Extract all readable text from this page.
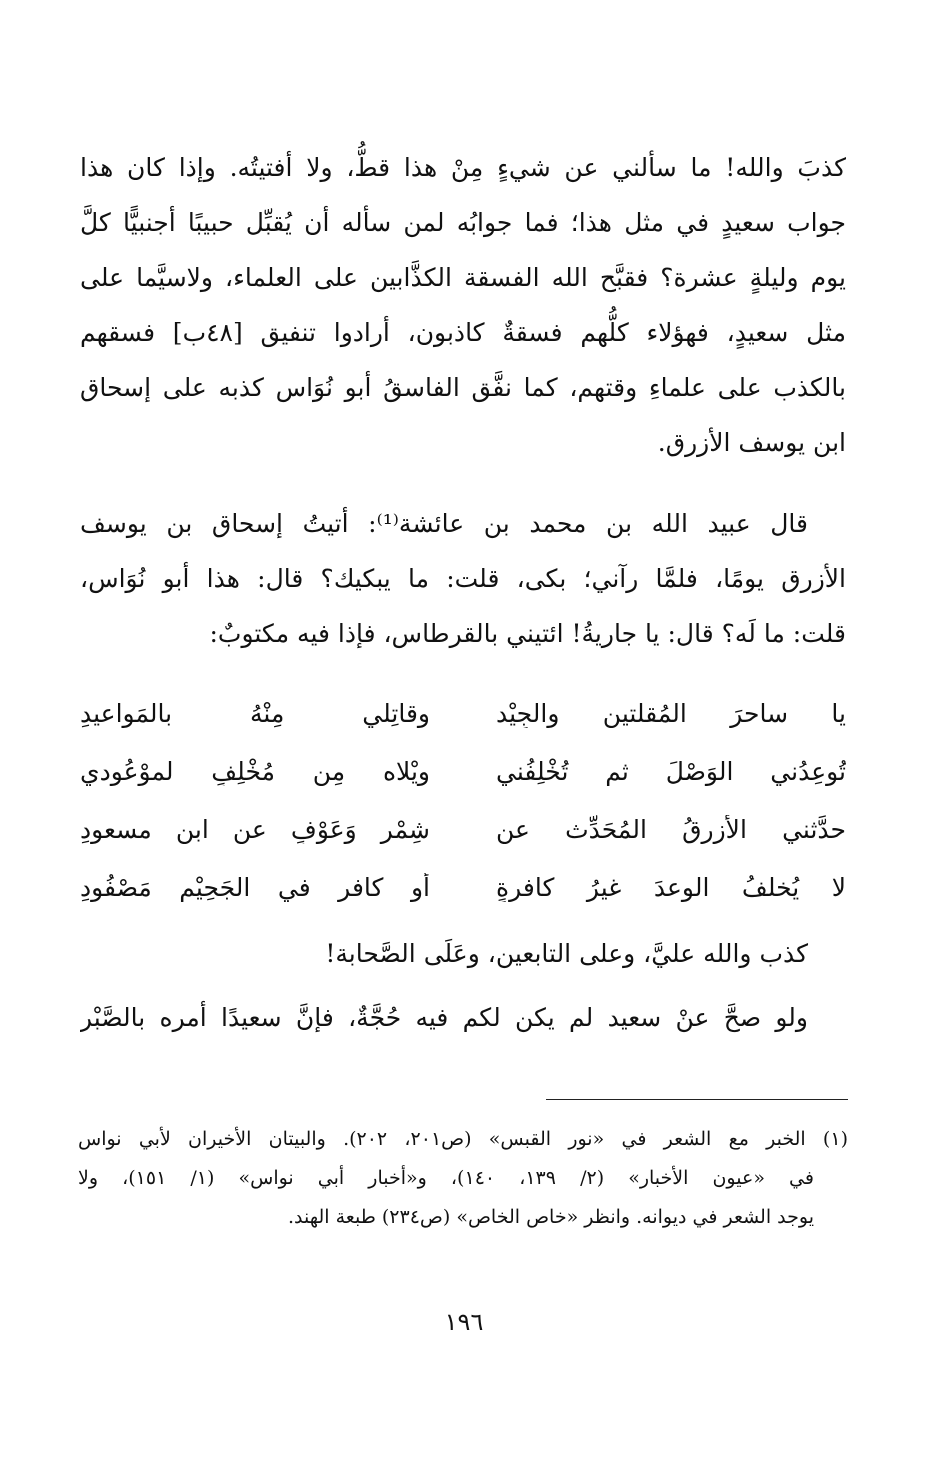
كذبَ والله! ما سألني عن شيءٍ مِنْ هذا قطُّ، ولا أفتيتُه. وإذا كان هذا
جواب سعيدٍ في مثل هذا؛ فما جوابُه لمن سأله أن يُقبِّل حبيبًا أجنبيًّا كلَّ
يوم وليلةٍ عشرة؟ فقبَّح الله الفسقة الكذَّابين على العلماء، ولاسيَّما على
مثل سعيدٍ، فهؤلاء كلُّهم فسقةٌ كاذبون، أرادوا تنفيق [٤٨ب] فسقهم
بالكذب على علماءِ وقتهم، كما نفَّق الفاسقُ أبو نُوَاس كذبه على إسحاق
ابن يوسف الأزرق.
قال عبيد الله بن محمد بن عائشة⁽¹⁾: أتيتُ إسحاق بن يوسف
الأزرق يومًا، فلمَّا رآني؛ بكى، قلت: ما يبكيك؟ قال: هذا أبو نُوَاس،
قلت: ما لَه؟ قال: يا جاريةُ! ائتيني بالقرطاس، فإذا فيه مكتوبٌ:
يا ساحرَ المُقلتين والجِيْد
وقاتِلي مِنْهُ بالمَواعيدِ
تُوعِدُني الوَصْلَ ثم تُخْلِفُني
ويْلاه مِن مُخْلِفٍ لموْعُودي
حدَّثني الأزرقُ المُحَدِّث عن
شِمْرٍ وَعَوْفٍ عن ابن مسعودِ
لا يُخلفُ الوعدَ غيرُ كافرةٍ
أو كافرٍ في الجَحِيْم مَصْفُودِ
كذب والله عليَّ، وعلى التابعين، وعَلَى الصَّحابة!
ولو صحَّ عنْ سعيد لم يكن لكم فيه حُجَّةٌ، فإنَّ سعيدًا أمره بالصَّبْر
(١) الخبر مع الشعر في «نور القبس» (ص٢٠١، ٢٠٢). والبيتان الأخيران لأبي نواس
في «عيون الأخبار» (٢/ ١٣٩، ١٤٠)، و«أخبار أبي نواس» (١/ ١٥١)، ولا
يوجد الشعر في ديوانه. وانظر «خاص الخاص» (ص٢٣٤) طبعة الهند.
١٩٦
